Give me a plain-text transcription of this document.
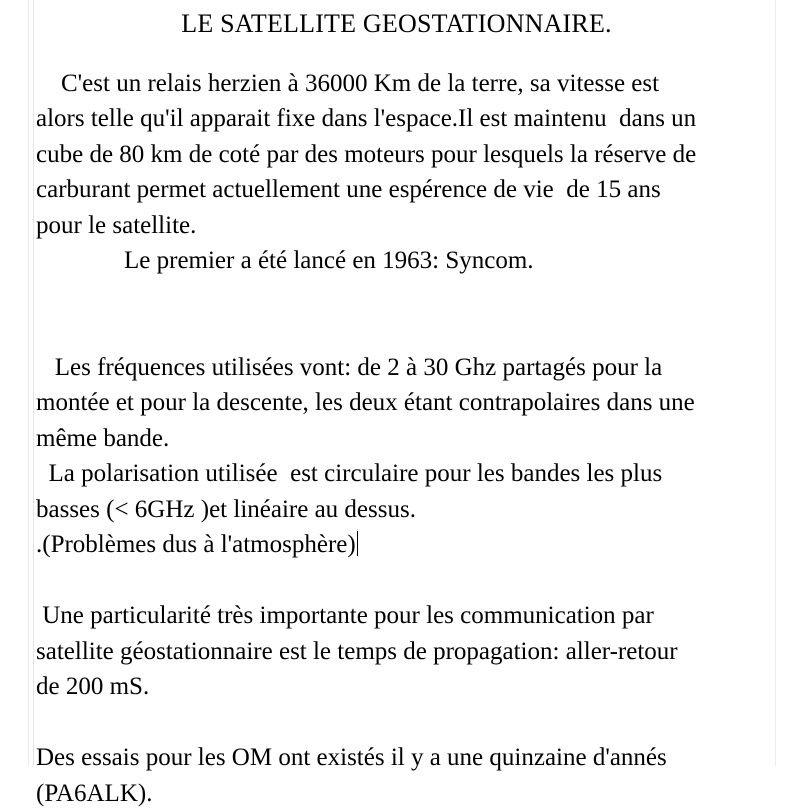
LE SATELLITE GEOSTATIONNAIRE.

C'est un relais herzien à 36000 Km de la terre, sa vitesse est
alors telle qu'il apparait fixe dans l'espace.Il est maintenu  dans un
cube de 80 km de coté par des moteurs pour lesquels la réserve de
carburant permet actuellement une espérence de vie  de 15 ans
pour le satellite.

Le premier a été lancé en 1963: Syncom.

Les fréquences utilisées vont: de 2 à 30 Ghz partagés pour la
montée et pour la descente, les deux étant contrapolaires dans une
même bande.

La polarisation utilisée  est circulaire pour les bandes les plus
basses (< 6GHz )et linéaire au dessus.
.(Problèmes dus à l'atmosphère)

Une particularité très importante pour les communication par
satellite géostationnaire est le temps de propagation: aller-retour
de 200 mS.

Des essais pour les OM ont existés il y a une quinzaine d'annés
(PA6ALK).
